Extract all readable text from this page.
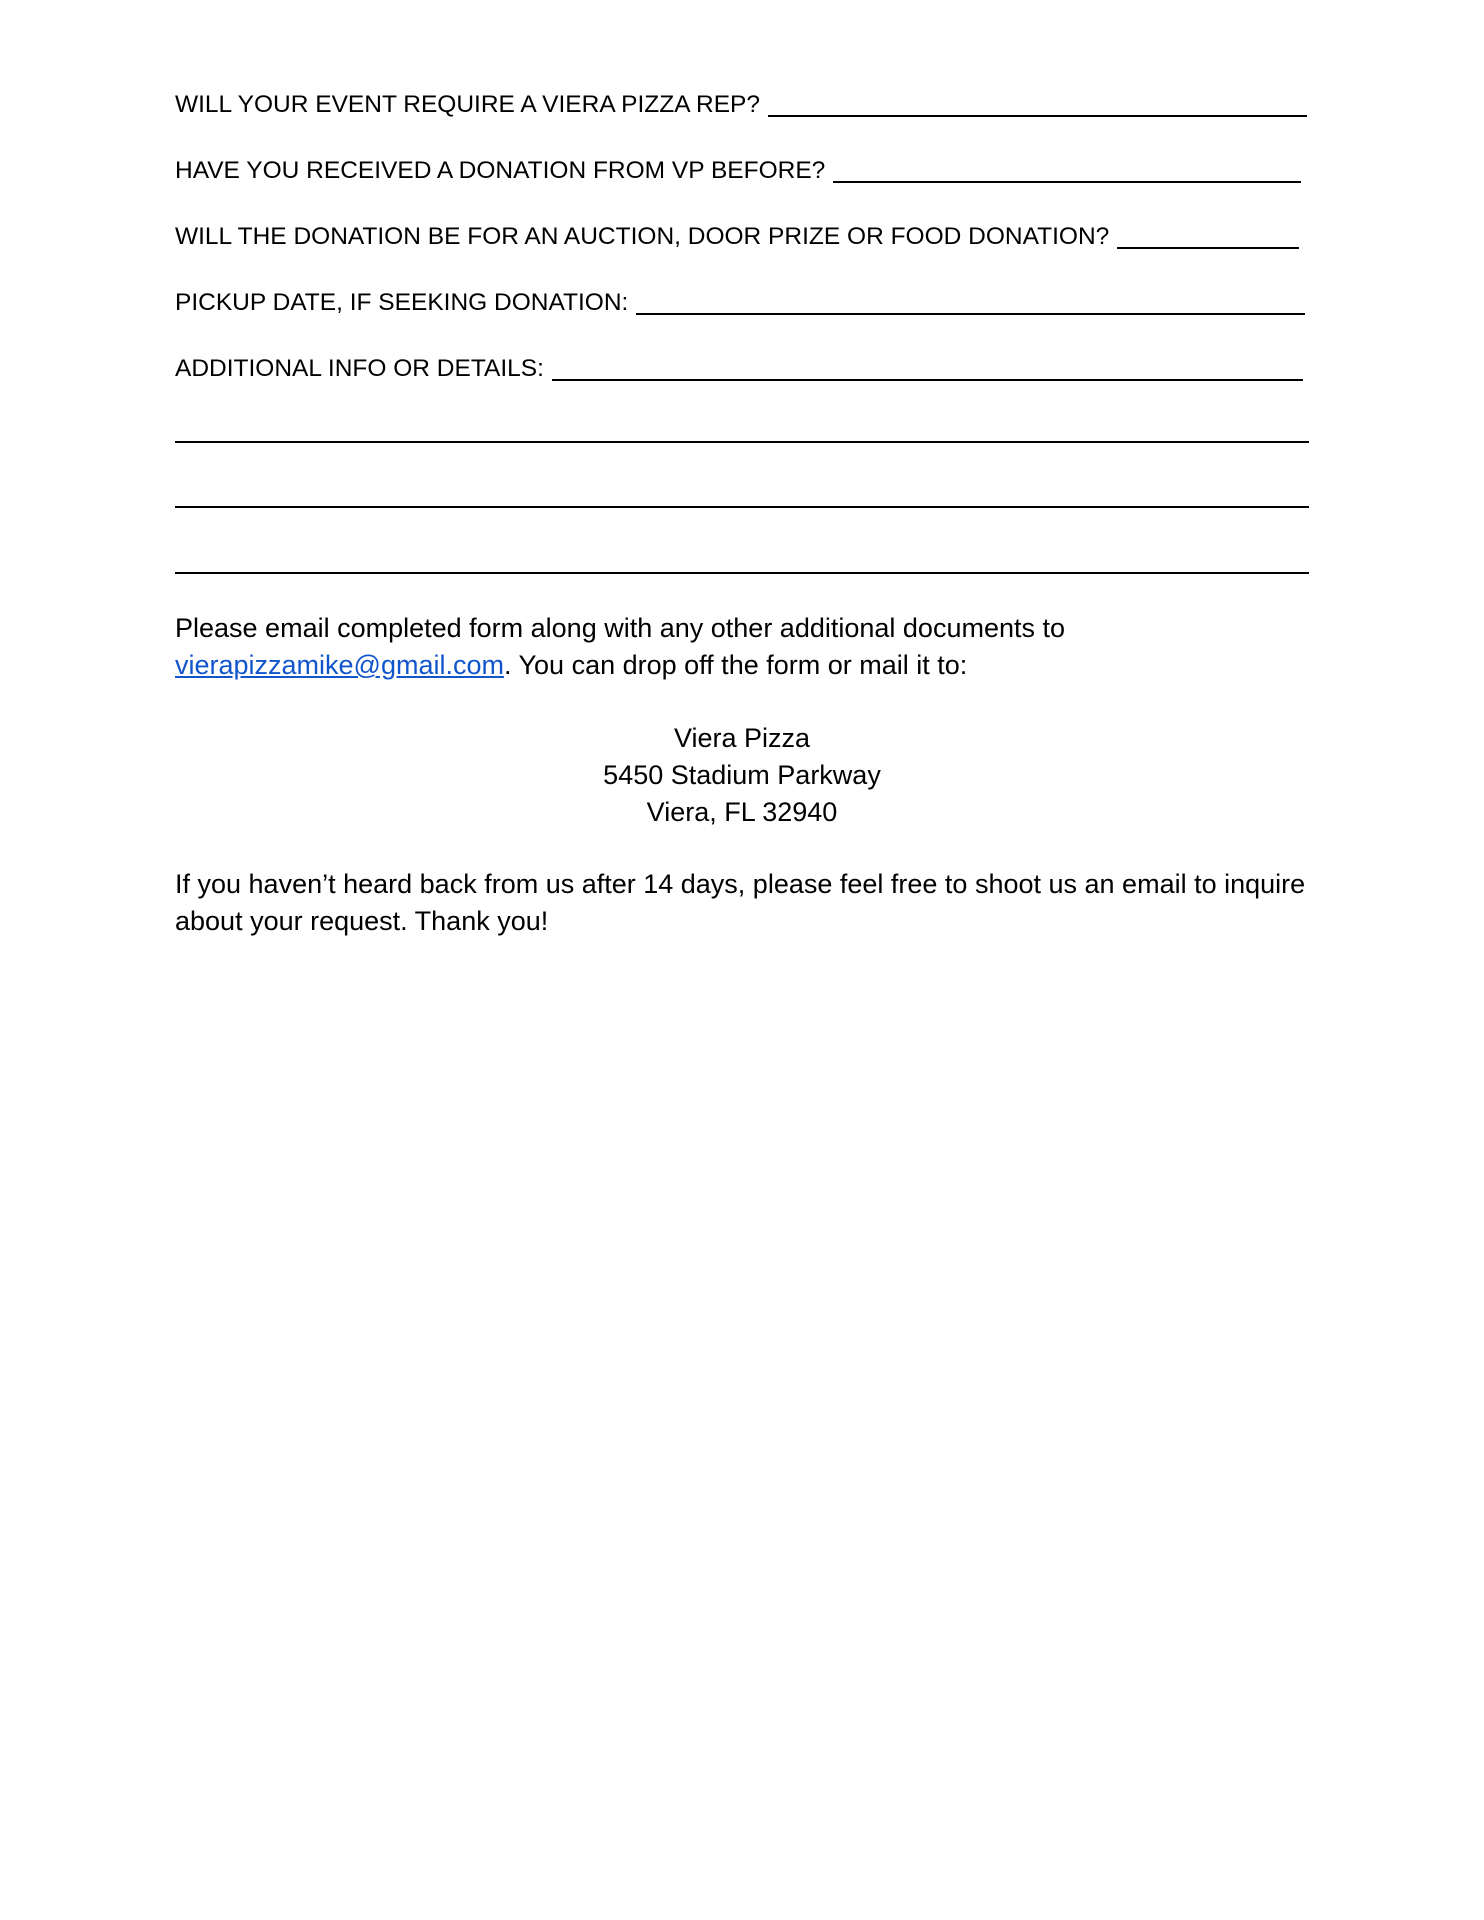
WILL YOUR EVENT REQUIRE A VIERA PIZZA REP?
HAVE YOU RECEIVED A DONATION FROM VP BEFORE?
WILL THE DONATION BE FOR AN AUCTION, DOOR PRIZE OR FOOD DONATION?
PICKUP DATE, IF SEEKING DONATION:
ADDITIONAL INFO OR DETAILS:
Please email completed form along with any other additional documents to
vierapizzamike@gmail.com. You can drop off the form or mail it to:
Viera Pizza
5450 Stadium Parkway
Viera, FL 32940
If you haven’t heard back from us after 14 days, please feel free to shoot us an email to inquire
about your request. Thank you!
